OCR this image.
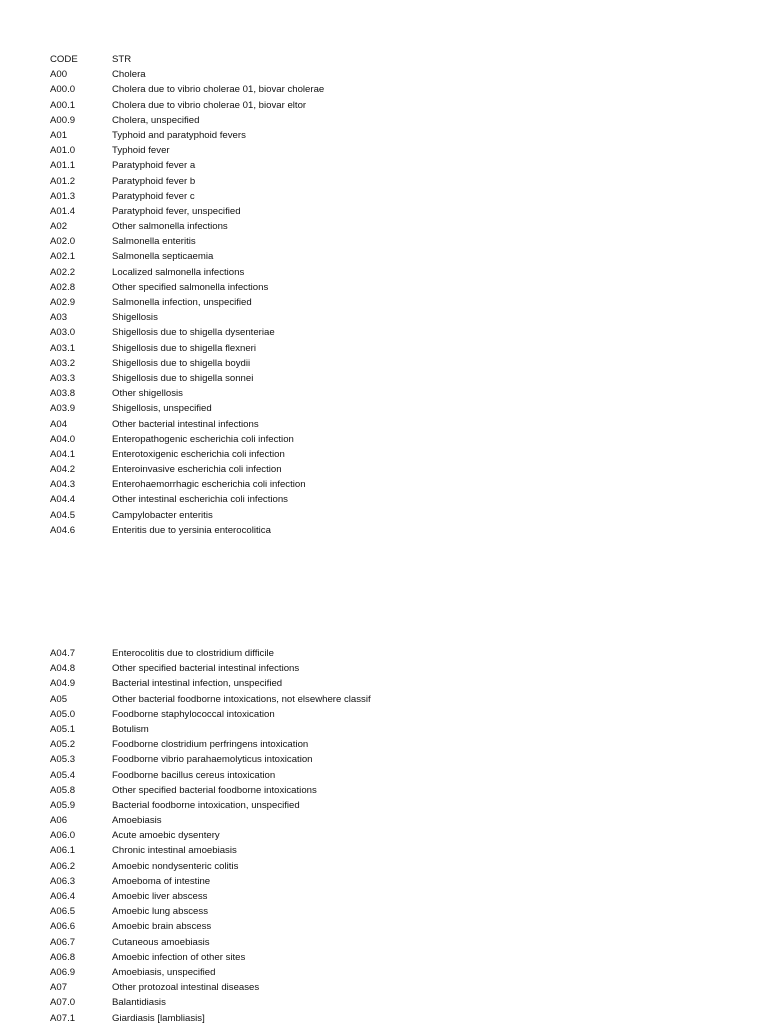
CODE	STR
A00	Cholera
A00.0	Cholera due to vibrio cholerae 01, biovar cholerae
A00.1	Cholera due to vibrio cholerae 01, biovar eltor
A00.9	Cholera, unspecified
A01	Typhoid and paratyphoid fevers
A01.0	Typhoid fever
A01.1	Paratyphoid fever a
A01.2	Paratyphoid fever b
A01.3	Paratyphoid fever c
A01.4	Paratyphoid fever, unspecified
A02	Other salmonella infections
A02.0	Salmonella enteritis
A02.1	Salmonella septicaemia
A02.2	Localized salmonella infections
A02.8	Other specified salmonella infections
A02.9	Salmonella infection, unspecified
A03	Shigellosis
A03.0	Shigellosis due to shigella dysenteriae
A03.1	Shigellosis due to shigella flexneri
A03.2	Shigellosis due to shigella boydii
A03.3	Shigellosis due to shigella sonnei
A03.8	Other shigellosis
A03.9	Shigellosis, unspecified
A04	Other bacterial intestinal infections
A04.0	Enteropathogenic escherichia coli infection
A04.1	Enterotoxigenic escherichia coli infection
A04.2	Enteroinvasive escherichia coli infection
A04.3	Enterohaemorrhagic escherichia coli infection
A04.4	Other intestinal escherichia coli infections
A04.5	Campylobacter enteritis
A04.6	Enteritis due to yersinia enterocolitica
A04.7	Enterocolitis due to clostridium difficile
A04.8	Other specified bacterial intestinal infections
A04.9	Bacterial intestinal infection, unspecified
A05	Other bacterial foodborne intoxications, not elsewhere classif
A05.0	Foodborne staphylococcal intoxication
A05.1	Botulism
A05.2	Foodborne clostridium perfringens intoxication
A05.3	Foodborne vibrio parahaemolyticus intoxication
A05.4	Foodborne bacillus cereus intoxication
A05.8	Other specified bacterial foodborne intoxications
A05.9	Bacterial foodborne intoxication, unspecified
A06	Amoebiasis
A06.0	Acute amoebic dysentery
A06.1	Chronic intestinal amoebiasis
A06.2	Amoebic nondysenteric colitis
A06.3	Amoeboma of intestine
A06.4	Amoebic liver abscess
A06.5	Amoebic lung abscess
A06.6	Amoebic brain abscess
A06.7	Cutaneous amoebiasis
A06.8	Amoebic infection of other sites
A06.9	Amoebiasis, unspecified
A07	Other protozoal intestinal diseases
A07.0	Balantidiasis
A07.1	Giardiasis [lambliasis]
